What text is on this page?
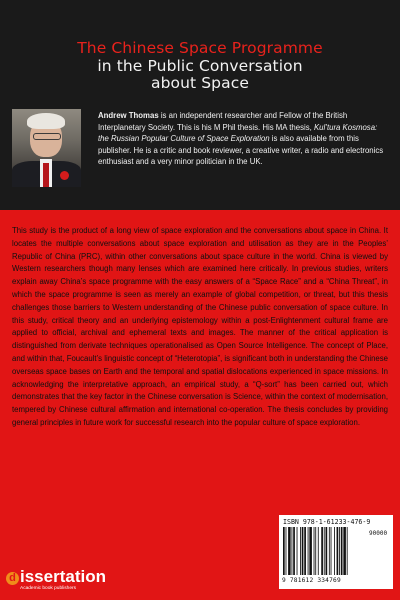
The Chinese Space Programme
in the Public Conversation
about Space
Andrew Thomas is an independent researcher and Fellow of the British Interplanetary Society. This is his M Phil thesis. His MA thesis, Kul’tura Kosmosa: the Russian Popular Culture of Space Exploration is also available from this publisher. He is a critic and book reviewer, a creative writer, a radio and electronics enthusiast and a very minor politician in the UK.
This study is the product of a long view of space exploration and the conversations about space in China. It locates the multiple conversations about space exploration and utilisation as they are in the Peoples’ Republic of China (PRC), within other conversations about space culture in the world. China is viewed by Western researchers though many lenses which are examined here critically. In previous studies, writers explain away China’s space programme with the easy answers of a “Space Race” and a “China Threat”, in which the space programme is seen as merely an example of global competition, or threat, but this thesis challenges those barriers to Western understanding of the Chinese public conversation of space culture. In this study, critical theory and an underlying epistemology within a post-Enlightenment cultural frame are applied to official, archival and ephemeral texts and images. The manner of the critical application is distinguished from derivate techniques operationalised as Open Source Intelligence. The concept of Place, and within that, Foucault’s linguistic concept of “Heterotopia”, is significant both in understanding the Chinese overseas space bases on Earth and the temporal and spatial dislocations experienced in space missions. In acknowledging the interpretative approach, an empirical study, a “Q-sort” has been carried out, which demonstrates that the key factor in the Chinese conversation is Science, within the context of modernisation, tempered by Chinese cultural affirmation and international co-operation. The thesis concludes by providing general principles in future work for successful research into the popular culture of space exploration.
ISBN 978-1-61233-476-9
90000
9 781612 334769
d issertation
Academic book publishers
